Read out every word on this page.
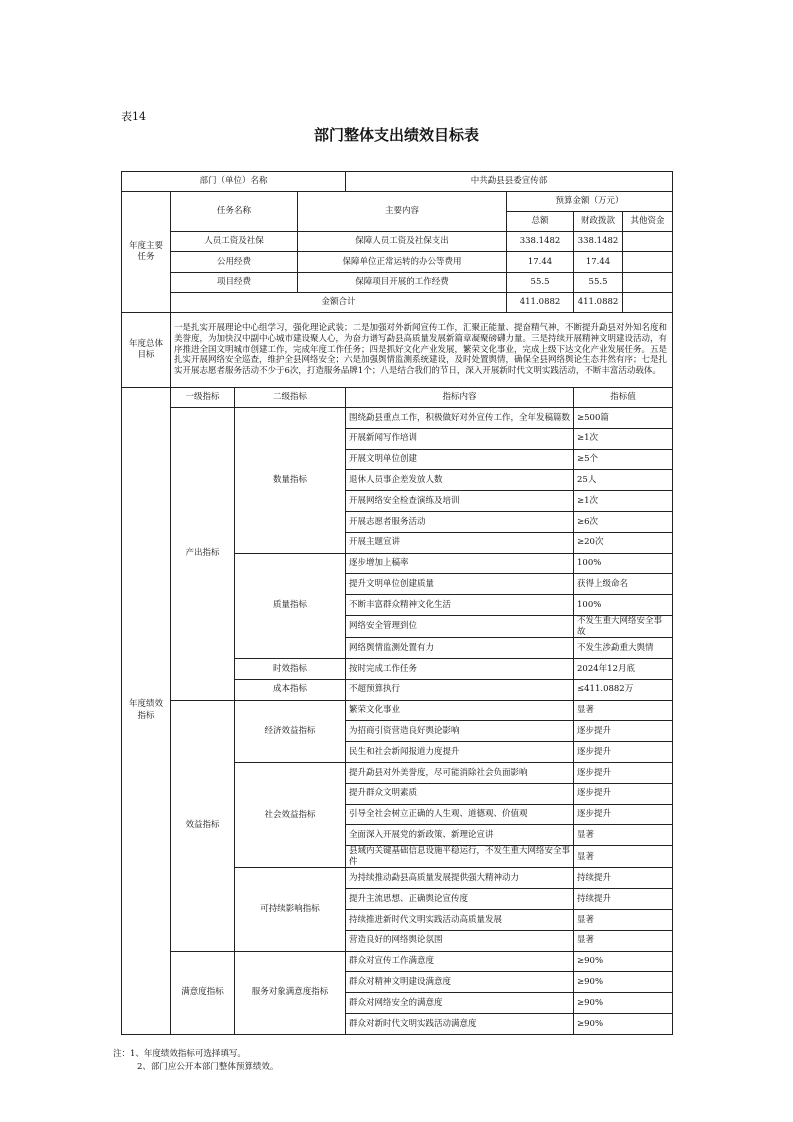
表14
部门整体支出绩效目标表
部门（单位）名称				中共勐县县委宣传部			
年度主要任务	任务名称		主要内容		预算金额（万元）		
					总额	财政拨款	其他资金
	人员工资及社保		保障人员工资及社保支出		338.1482	338.1482	
	公用经费		保障单位正常运转的办公等费用		17.44	17.44	
	项目经费		保障项目开展的工作经费		55.5	55.5	
	金额合计				411.0882	411.0882	
年度总体目标	一是扎实开展理论中心组学习，强化理论武装；二是加强对外新闻宣传工作，汇聚正能量、提奋精气神，不断提升勐县对外知名度和美誉度，为加快汉中副中心城市建设聚人心，为奋力谱写勐县高质量发展新篇章凝聚磅礴力量。三是持续开展精神文明建设活动，有序推进全国文明城市创建工作，完成年度工作任务；四是抓好文化产业发展，繁荣文化事业，完成上级下达文化产业发展任务。五是扎实开展网络安全巡查，维护全县网络安全；六是加强舆情监测系统建设，及时处置舆情，确保全县网络舆论生态井然有序；七是扎实开展志愿者服务活动不少于6次，打造服务品牌1个；八是结合我们的节日，深入开展新时代文明实践活动，不断丰富活动载体。						
年度绩效指标	一级指标	二级指标		指标内容		指标值	
	产出指标	数量指标		围绕勐县重点工作，积极做好对外宣传工作，全年发稿篇数		≥500篇	
				开展新闻写作培训		≥1次	
				开展文明单位创建		≥5个	
				退休人员事企差发放人数		25人	
				开展网络安全检查演练及培训		≥1次	
				开展志愿者服务活动		≥6次	
				开展主题宣讲		≥20次	
		质量指标		逐步增加上稿率		100%	
				提升文明单位创建质量		获得上级命名	
				不断丰富群众精神文化生活		100%	
				网络安全管理到位		不发生重大网络安全事故	
				网络舆情监测处置有力		不发生涉勐重大舆情	
		时效指标		按时完成工作任务		2024年12月底	
		成本指标		不超预算执行		≤411.0882万	
	效益指标	经济效益指标		繁荣文化事业		显著	
				为招商引资营造良好舆论影响		逐步提升	
				民生和社会新闻报道力度提升		逐步提升	
		社会效益指标		提升勐县对外美誉度，尽可能消除社会负面影响		逐步提升	
				提升群众文明素质		逐步提升	
				引导全社会树立正确的人生观、道德观、价值观		逐步提升	
				全面深入开展党的新政策、新理论宣讲		显著	
				县域内关键基础信息设施平稳运行，不发生重大网络安全事件		显著	
		可持续影响指标		为持续推动勐县高质量发展提供强大精神动力		持续提升	
				提升主流思想、正确舆论宣传度		持续提升	
				持续推进新时代文明实践活动高质量发展		显著	
				营造良好的网络舆论氛围		显著	
	满意度指标	服务对象满意度指标		群众对宣传工作满意度		≥90%	
				群众对精神文明建设满意度		≥90%	
				群众对网络安全的满意度		≥90%	
				群众对新时代文明实践活动满意度		≥90%	
注：1、年度绩效指标可选择填写。
2、部门应公开本部门整体预算绩效。
